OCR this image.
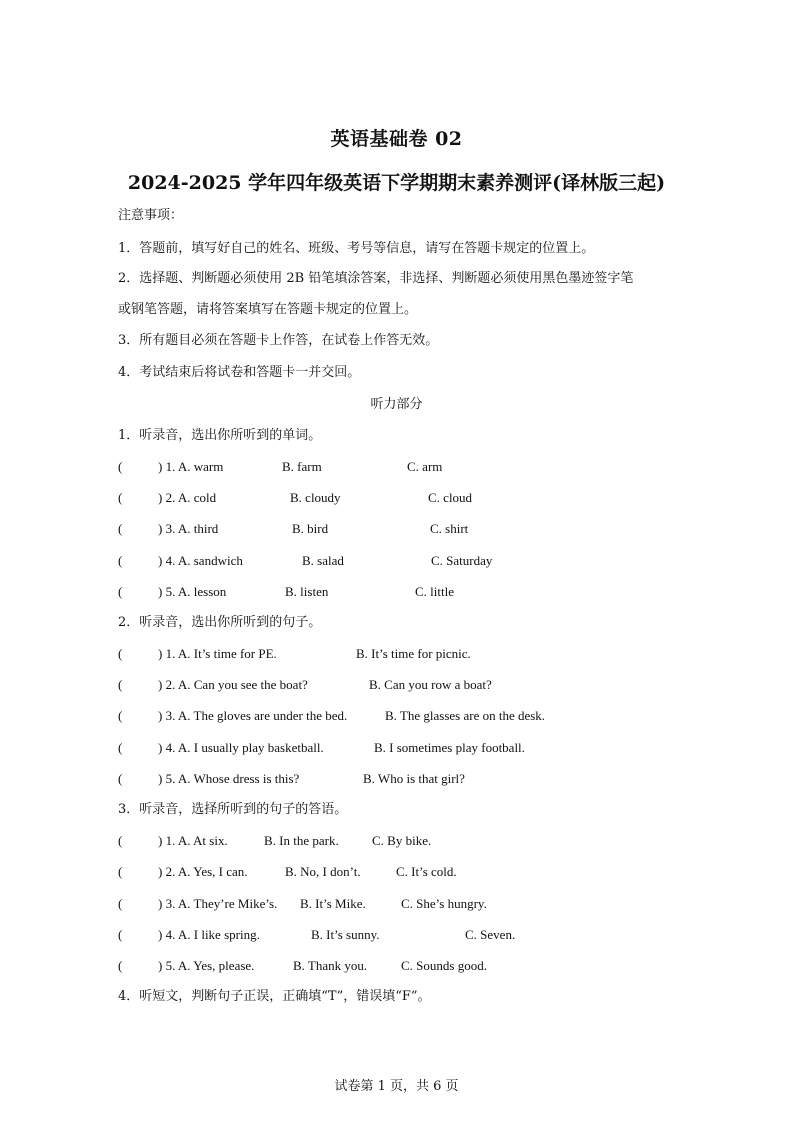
英语基础卷 02
2024-2025 学年四年级英语下学期期末素养测评(译林版三起)
注意事项：
1．答题前，填写好自己的姓名、班级、考号等信息，请写在答题卡规定的位置上。
2．选择题、判断题必须使用 2B 铅笔填涂答案，非选择、判断题必须使用黑色墨迹签字笔
或钢笔答题，请将答案填写在答题卡规定的位置上。
3．所有题目必须在答题卡上作答，在试卷上作答无效。
4．考试结束后将试卷和答题卡一并交回。
听力部分
1．听录音，选出你所听到的单词。
(	) 1. A. warm	B. farm	C. arm
(	) 2. A. cold	B. cloudy	C. cloud
(	) 3. A. third	B. bird	C. shirt
(	) 4. A. sandwich	B. salad	C. Saturday
(	) 5. A. lesson	B. listen	C. little
2．听录音，选出你所听到的句子。
(	) 1. A. It’s time for PE.	B. It’s time for picnic.
(	) 2. A. Can you see the boat?	B. Can you row a boat?
(	) 3. A. The gloves are under the bed.	B. The glasses are on the desk.
(	) 4. A. I usually play basketball.	B. I sometimes play football.
(	) 5. A. Whose dress is this?	B. Who is that girl?
3．听录音，选择所听到的句子的答语。
(	) 1. A. At six.	B. In the park.	C. By bike.
(	) 2. A. Yes, I can.	B. No, I don’t.	C. It’s cold.
(	) 3. A. They’re Mike’s. B. It’s Mike.	C. She’s hungry.
(	) 4. A. I like spring.	B. It’s sunny.	C. Seven.
(	) 5. A. Yes, please.	B. Thank you.	C. Sounds good.
4．听短文，判断句子正误，正确填“T”，错误填“F”。
试卷第 1 页，共 6 页
